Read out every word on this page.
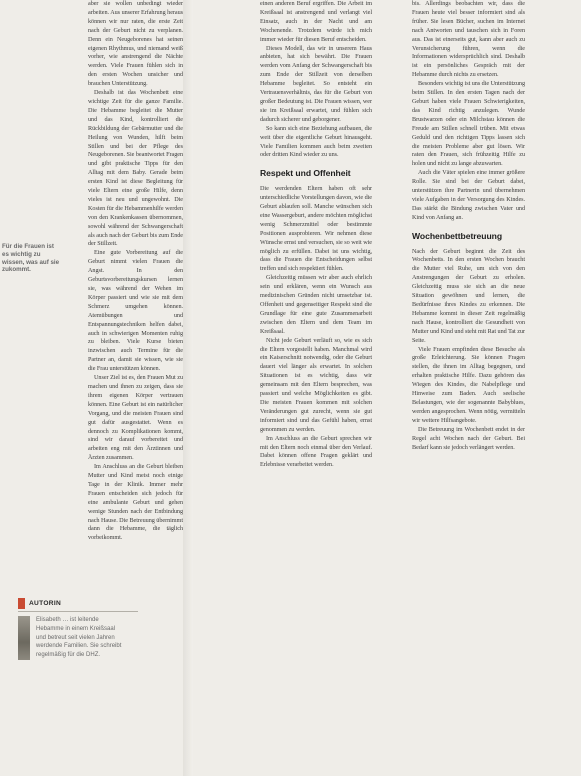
Für die Frauen ist es wichtig zu wissen, was auf sie zukommt.

aber sie wollen unbedingt wieder arbeiten. Aus unserer Erfahrung heraus können wir nur raten, die erste Zeit nach der Geburt nicht zu verplanen. Denn ein Neugeborenes hat seinen eigenen Rhythmus, und niemand weiß vorher, wie anstrengend die Nächte werden. Viele Frauen fühlen sich in den ersten Wochen unsicher und brauchen Unterstützung.

Deshalb ist das Wochenbett eine wichtige Zeit für die ganze Familie. Die Hebamme begleitet die Mutter und das Kind, kontrolliert die Rückbildung der Gebärmutter und die Heilung von Wunden, hilft beim Stillen und bei der Pflege des Neugeborenen. Sie beantwortet Fragen und gibt praktische Tipps für den Alltag mit dem Baby. Gerade beim ersten Kind ist diese Begleitung für viele Eltern eine große Hilfe, denn vieles ist neu und ungewohnt. Die Kosten für die Hebammenhilfe werden von den Krankenkassen übernommen, sowohl während der Schwangerschaft als auch nach der Geburt bis zum Ende der Stillzeit.

Eine gute Vorbereitung auf die Geburt nimmt vielen Frauen die Angst. In den Geburtsvorbereitungskursen lernen sie, was während der Wehen im Körper passiert und wie sie mit dem Schmerz umgehen können. Atemübungen und Entspannungstechniken helfen dabei, auch in schwierigen Momenten ruhig zu bleiben. Viele Kurse bieten inzwischen auch Termine für die Partner an, damit sie wissen, wie sie die Frau unterstützen können.

Unser Ziel ist es, den Frauen Mut zu machen und ihnen zu zeigen, dass sie ihrem eigenen Körper vertrauen können. Eine Geburt ist ein natürlicher Vorgang, und die meisten Frauen sind gut dafür ausgestattet. Wenn es dennoch zu Komplikationen kommt, sind wir darauf vorbereitet und arbeiten eng mit den Ärztinnen und Ärzten zusammen.

Im Anschluss an die Geburt bleiben Mutter und Kind meist noch einige Tage in der Klinik. Immer mehr Frauen entscheiden sich jedoch für eine ambulante Geburt und gehen wenige Stunden nach der Entbindung nach Hause. Die Betreuung übernimmt dann die Hebamme, die täglich vorbeikommt.

einen anderen Beruf ergriffen. Die Arbeit im Kreißsaal ist anstrengend und verlangt viel Einsatz, auch in der Nacht und am Wochenende. Trotzdem würde ich mich immer wieder für diesen Beruf entscheiden.

Dieses Modell, das wir in unserem Haus anbieten, hat sich bewährt. Die Frauen werden vom Anfang der Schwangerschaft bis zum Ende der Stillzeit von derselben Hebamme begleitet. So entsteht ein Vertrauensverhältnis, das für die Geburt von großer Bedeutung ist. Die Frauen wissen, wer sie im Kreißsaal erwartet, und fühlen sich dadurch sicherer und geborgener.

So kann sich eine Beziehung aufbauen, die weit über die eigentliche Geburt hinausgeht. Viele Familien kommen auch beim zweiten oder dritten Kind wieder zu uns.

Respekt und Offenheit

Die werdenden Eltern haben oft sehr unterschiedliche Vorstellungen davon, wie die Geburt ablaufen soll. Manche wünschen sich eine Wassergeburt, andere möchten möglichst wenig Schmerzmittel oder bestimmte Positionen ausprobieren. Wir nehmen diese Wünsche ernst und versuchen, sie so weit wie möglich zu erfüllen. Dabei ist uns wichtig, dass die Frauen die Entscheidungen selbst treffen und sich respektiert fühlen.

Gleichzeitig müssen wir aber auch ehrlich sein und erklären, wenn ein Wunsch aus medizinischen Gründen nicht umsetzbar ist. Offenheit und gegenseitiger Respekt sind die Grundlage für eine gute Zusammenarbeit zwischen den Eltern und dem Team im Kreißsaal.

Nicht jede Geburt verläuft so, wie es sich die Eltern vorgestellt haben. Manchmal wird ein Kaiserschnitt notwendig, oder die Geburt dauert viel länger als erwartet. In solchen Situationen ist es wichtig, dass wir gemeinsam mit den Eltern besprechen, was passiert und welche Möglichkeiten es gibt. Die meisten Frauen kommen mit solchen Veränderungen gut zurecht, wenn sie gut informiert sind und das Gefühl haben, ernst genommen zu werden.

Im Anschluss an die Geburt sprechen wir mit den Eltern noch einmal über den Verlauf. Dabei können offene Fragen geklärt und Erlebnisse verarbeitet werden.

bis. Allerdings beobachten wir, dass die Frauen heute viel besser informiert sind als früher. Sie lesen Bücher, suchen im Internet nach Antworten und tauschen sich in Foren aus. Das ist einerseits gut, kann aber auch zu Verunsicherung führen, wenn die Informationen widersprüchlich sind. Deshalb ist ein persönliches Gespräch mit der Hebamme durch nichts zu ersetzen.

Besonders wichtig ist uns die Unterstützung beim Stillen. In den ersten Tagen nach der Geburt haben viele Frauen Schwierigkeiten, das Kind richtig anzulegen. Wunde Brustwarzen oder ein Milchstau können die Freude am Stillen schnell trüben. Mit etwas Geduld und den richtigen Tipps lassen sich die meisten Probleme aber gut lösen. Wir raten den Frauen, sich frühzeitig Hilfe zu holen und nicht zu lange abzuwarten.

Auch die Väter spielen eine immer größere Rolle. Sie sind bei der Geburt dabei, unterstützen ihre Partnerin und übernehmen viele Aufgaben in der Versorgung des Kindes. Das stärkt die Bindung zwischen Vater und Kind von Anfang an.

Wochenbettbetreuung

Nach der Geburt beginnt die Zeit des Wochenbetts. In den ersten Wochen braucht die Mutter viel Ruhe, um sich von den Anstrengungen der Geburt zu erholen. Gleichzeitig muss sie sich an die neue Situation gewöhnen und lernen, die Bedürfnisse ihres Kindes zu erkennen. Die Hebamme kommt in dieser Zeit regelmäßig nach Hause, kontrolliert die Gesundheit von Mutter und Kind und steht mit Rat und Tat zur Seite.

Viele Frauen empfinden diese Besuche als große Erleichterung. Sie können Fragen stellen, die ihnen im Alltag begegnen, und erhalten praktische Hilfe. Dazu gehören das Wiegen des Kindes, die Nabelpflege und Hinweise zum Baden. Auch seelische Belastungen, wie der sogenannte Babyblues, werden angesprochen. Wenn nötig, vermitteln wir weitere Hilfsangebote.

Die Betreuung im Wochenbett endet in der Regel acht Wochen nach der Geburt. Bei Bedarf kann sie jedoch verlängert werden.

AUTORIN
Elisabeth … ist leitende Hebamme in einem Kreißsaal und betreut seit vielen Jahren werdende Familien. Sie schreibt regelmäßig für die DHZ.
